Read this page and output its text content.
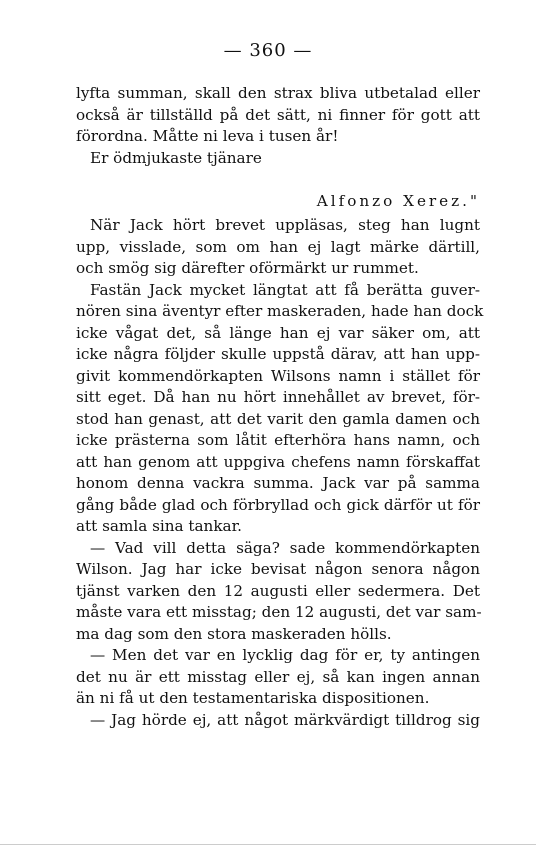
— 360 —
lyfta summan, skall den strax bliva utbetalad eller
också är tillställd på det sätt, ni finner för gott att
förordna. Måtte ni leva i tusen år!
Er ödmjukaste tjänare

Alfonzo Xerez."
När Jack hört brevet uppläsas, steg han lugnt
upp, visslade, som om han ej lagt märke därtill,
och smög sig därefter oförmärkt ur rummet.
Fastän Jack mycket längtat att få berätta guver-
nören sina äventyr efter maskeraden, hade han dock
icke vågat det, så länge han ej var säker om, att
icke några följder skulle uppstå därav, att han upp-
givit kommendörkapten Wilsons namn i stället för
sitt eget. Då han nu hört innehållet av brevet, för-
stod han genast, att det varit den gamla damen och
icke prästerna som låtit efterhöra hans namn, och
att han genom att uppgiva chefens namn förskaffat
honom denna vackra summa. Jack var på samma
gång både glad och förbryllad och gick därför ut för
att samla sina tankar.
— Vad vill detta säga? sade kommendörkapten
Wilson. Jag har icke bevisat någon senora någon
tjänst varken den 12 augusti eller sedermera. Det
måste vara ett misstag; den 12 augusti, det var sam-
ma dag som den stora maskeraden hölls.
— Men det var en lycklig dag för er, ty antingen
det nu är ett misstag eller ej, så kan ingen annan
än ni få ut den testamentariska dispositionen.
— Jag hörde ej, att något märkvärdigt tilldrog sig
